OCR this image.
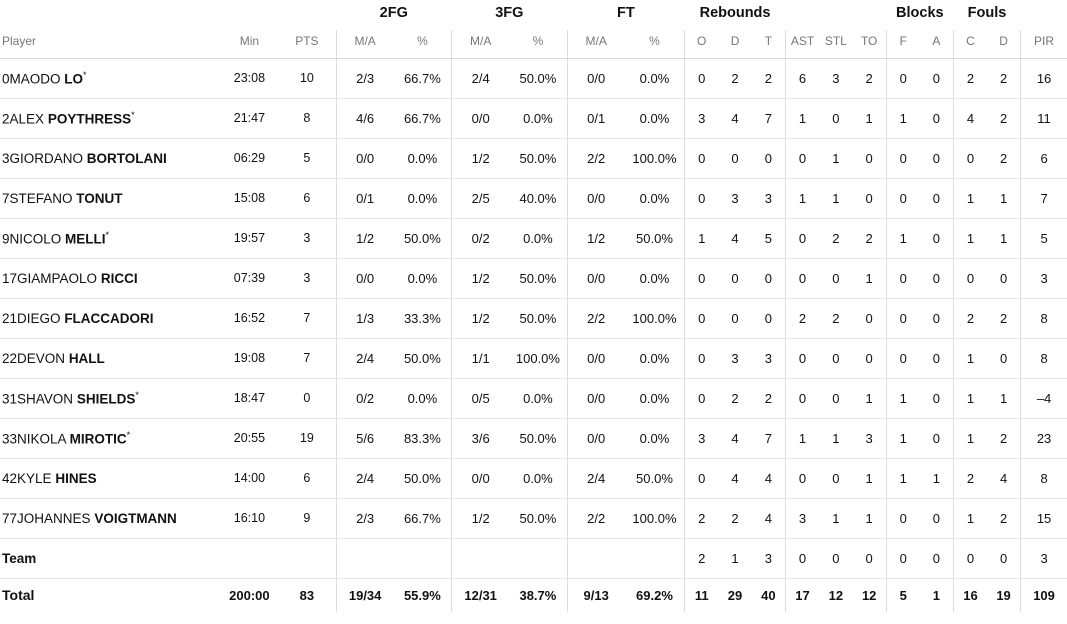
			2FG		3FG		FT		Rebounds						Blocks		Fouls		
Player	Min	PTS	M/A	%	M/A	%	M/A	%	O	D	T	AST	STL	TO	F	A	C	D	PIR
0MAODO LO*	23:08	10	2/3	66.7%	2/4	50.0%	0/0	0.0%	0	2	2	6	3	2	0	0	2	2	16
2ALEX POYTHRESS*	21:47	8	4/6	66.7%	0/0	0.0%	0/1	0.0%	3	4	7	1	0	1	1	0	4	2	11
3GIORDANO BORTOLANI	06:29	5	0/0	0.0%	1/2	50.0%	2/2	100.0%	0	0	0	0	1	0	0	0	0	2	6
7STEFANO TONUT	15:08	6	0/1	0.0%	2/5	40.0%	0/0	0.0%	0	3	3	1	1	0	0	0	1	1	7
9NICOLO MELLI*	19:57	3	1/2	50.0%	0/2	0.0%	1/2	50.0%	1	4	5	0	2	2	1	0	1	1	5
17GIAMPAOLO RICCI	07:39	3	0/0	0.0%	1/2	50.0%	0/0	0.0%	0	0	0	0	0	1	0	0	0	0	3
21DIEGO FLACCADORI	16:52	7	1/3	33.3%	1/2	50.0%	2/2	100.0%	0	0	0	2	2	0	0	0	2	2	8
22DEVON HALL	19:08	7	2/4	50.0%	1/1	100.0%	0/0	0.0%	0	3	3	0	0	0	0	0	1	0	8
31SHAVON SHIELDS*	18:47	0	0/2	0.0%	0/5	0.0%	0/0	0.0%	0	2	2	0	0	1	1	0	1	1	–4
33NIKOLA MIROTIC*	20:55	19	5/6	83.3%	3/6	50.0%	0/0	0.0%	3	4	7	1	1	3	1	0	1	2	23
42KYLE HINES	14:00	6	2/4	50.0%	0/0	0.0%	2/4	50.0%	0	4	4	0	0	1	1	1	2	4	8
77JOHANNES VOIGTMANN	16:10	9	2/3	66.7%	1/2	50.0%	2/2	100.0%	2	2	4	3	1	1	0	0	1	2	15
Team									2	1	3	0	0	0	0	0	0	0	3
Total	200:00	83	19/34	55.9%	12/31	38.7%	9/13	69.2%	11	29	40	17	12	12	5	1	16	19	109
